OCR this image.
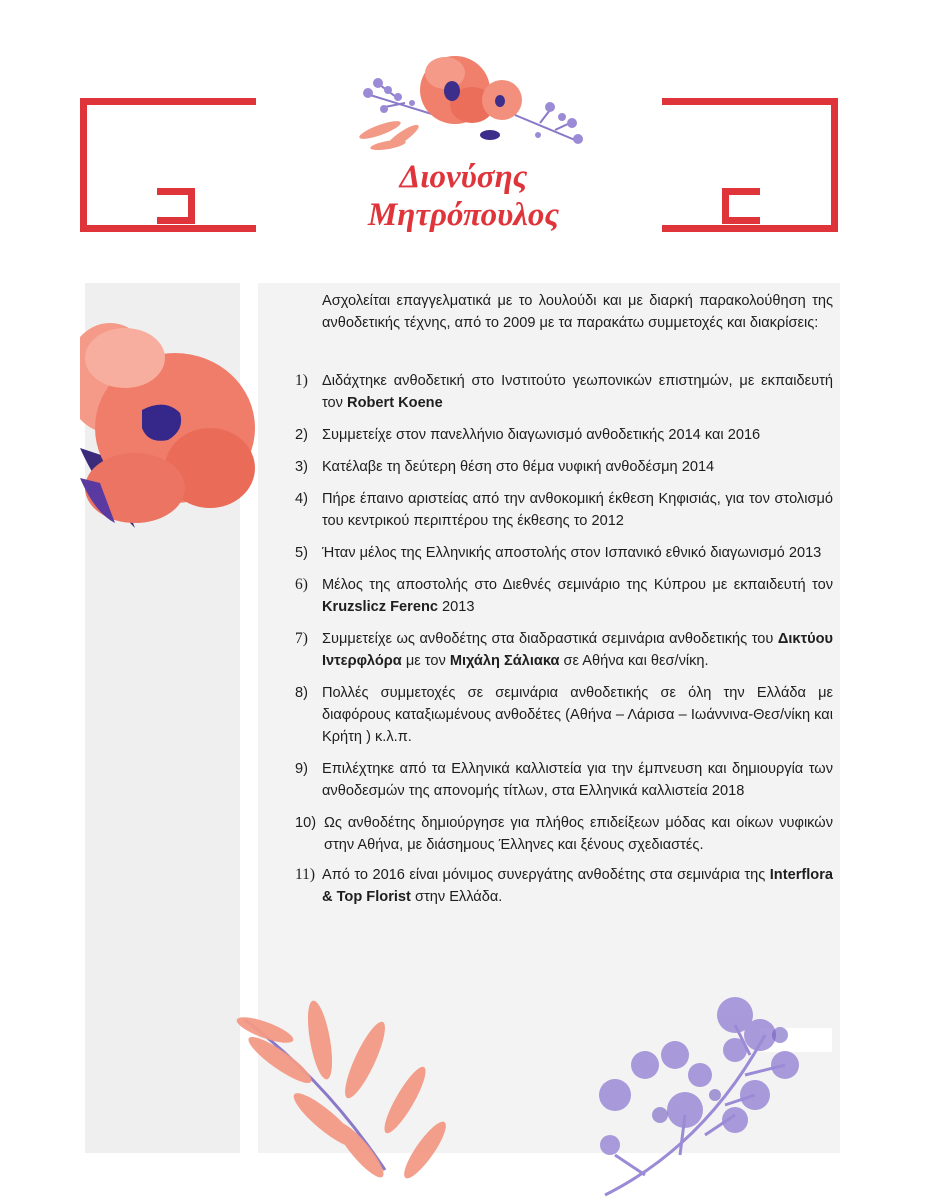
Διονύσης
Μητρόπουλος

Ασχολείται επαγγελματικά με το λουλούδι και με διαρκή παρακολούθηση της ανθοδετικής τέχνης, από το 2009 με τα παρακάτω συμμετοχές και διακρίσεις:

1) Διδάχτηκε ανθοδετική στο Ινστιτούτο γεωπονικών επιστημών, με εκπαιδευτή τον Robert Koene
2) Συμμετείχε στον πανελλήνιο διαγωνισμό ανθοδετικής 2014 και 2016
3) Κατέλαβε τη δεύτερη θέση στο θέμα νυφική ανθοδέσμη 2014
4) Πήρε έπαινο αριστείας από την ανθοκομική έκθεση Κηφισιάς, για τον στολισμό του κεντρικού περιπτέρου της έκθεσης το 2012
5) Ήταν μέλος της Ελληνικής αποστολής στον Ισπανικό εθνικό διαγωνισμό 2013
6) Μέλος της αποστολής στο Διεθνές σεμινάριο της Κύπρου με εκπαιδευτή τον Kruzslicz Ferenc 2013
7) Συμμετείχε ως ανθοδέτης στα διαδραστικά σεμινάρια ανθοδετικής του Δικτύου Ιντερφλόρα με τον Μιχάλη Σάλιακα σε Αθήνα και θεσ/νίκη.
8) Πολλές συμμετοχές σε σεμινάρια ανθοδετικής σε όλη την Ελλάδα με διαφόρους καταξιωμένους ανθοδέτες (Αθήνα – Λάρισα – Ιωάννινα-Θεσ/νίκη και Κρήτη ) κ.λ.π.
9) Επιλέχτηκε από τα Ελληνικά καλλιστεία για την έμπνευση και δημιουργία των ανθοδεσμών της απονομής τίτλων, στα Ελληνικά καλλιστεία 2018
10) Ως ανθοδέτης δημιούργησε για πλήθος επιδείξεων μόδας και οίκων νυφικών στην Αθήνα, με διάσημους Έλληνες και ξένους σχεδιαστές.
11) Από το 2016 είναι μόνιμος συνεργάτης ανθοδέτης στα σεμινάρια της Interflora & Top Florist στην Ελλάδα.
